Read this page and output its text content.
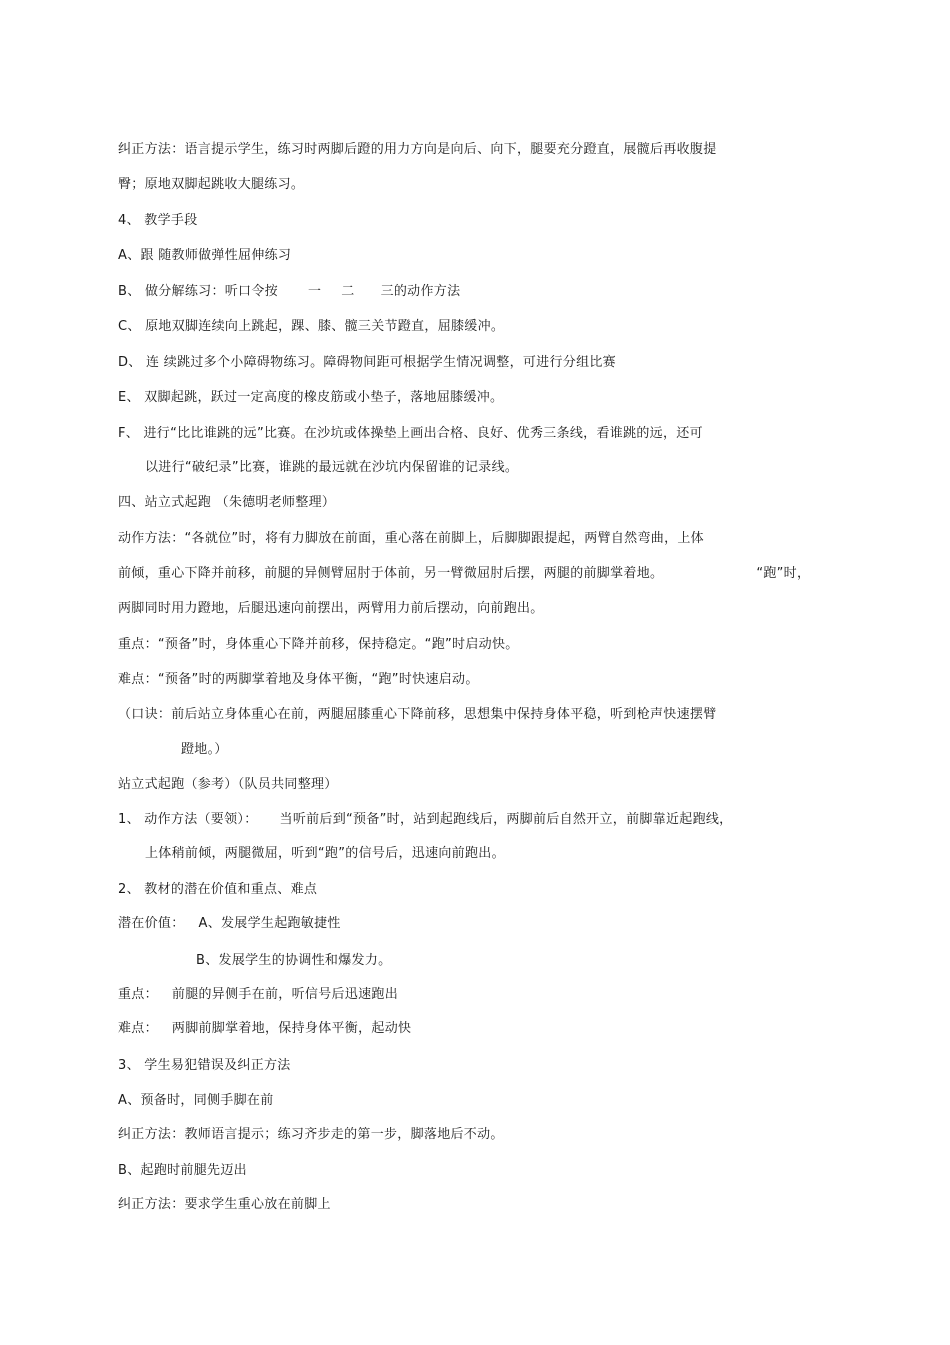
纠正方法：语言提示学生，练习时两脚后蹬的用力方向是向后、向下，腿要充分蹬直，展髋后再收腹提

臀；原地双脚起跳收大腿练习。

4、 教学手段

A、跟 随教师做弹性屈伸练习

B、 做分解练习：听口令按 一 二 三的动作方法

C、 原地双脚连续向上跳起，踝、膝、髋三关节蹬直，屈膝缓冲。

D、 连 续跳过多个小障碍物练习。障碍物间距可根据学生情况调整，可进行分组比赛

E、 双脚起跳，跃过一定高度的橡皮筋或小垫子，落地屈膝缓冲。

F、 进行“比比谁跳的远”比赛。在沙坑或体操垫上画出合格、良好、优秀三条线，看谁跳的远，还可

以进行“破纪录”比赛，谁跳的最远就在沙坑内保留谁的记录线。

四、站立式起跑 （朱德明老师整理）

动作方法：“各就位”时，将有力脚放在前面，重心落在前脚上，后脚脚跟提起，两臂自然弯曲，上体

前倾，重心下降并前移，前腿的异侧臂屈肘于体前，另一臂微屈肘后摆，两腿的前脚掌着地。	“跑”时，

两脚同时用力蹬地，后腿迅速向前摆出，两臂用力前后摆动，向前跑出。

重点：“预备”时，身体重心下降并前移，保持稳定。“跑”时启动快。

难点：“预备”时的两脚掌着地及身体平衡，“跑”时快速启动。

（口诀：前后站立身体重心在前，两腿屈膝重心下降前移，思想集中保持身体平稳，听到枪声快速摆臂

蹬地。）

站立式起跑（参考）（队员共同整理）

1、 动作方法（要领）： 当听前后到“预备”时，站到起跑线后，两脚前后自然开立，前脚靠近起跑线，

上体稍前倾，两腿微屈，听到“跑”的信号后，迅速向前跑出。

2、 教材的潜在价值和重点、难点

潜在价值： A、发展学生起跑敏捷性

B、发展学生的协调性和爆发力。

重点： 前腿的异侧手在前，听信号后迅速跑出

难点： 两脚前脚掌着地，保持身体平衡，起动快

3、 学生易犯错误及纠正方法

A、预备时，同侧手脚在前

纠正方法：教师语言提示；练习齐步走的第一步，脚落地后不动。

B、起跑时前腿先迈出

纠正方法：要求学生重心放在前脚上
